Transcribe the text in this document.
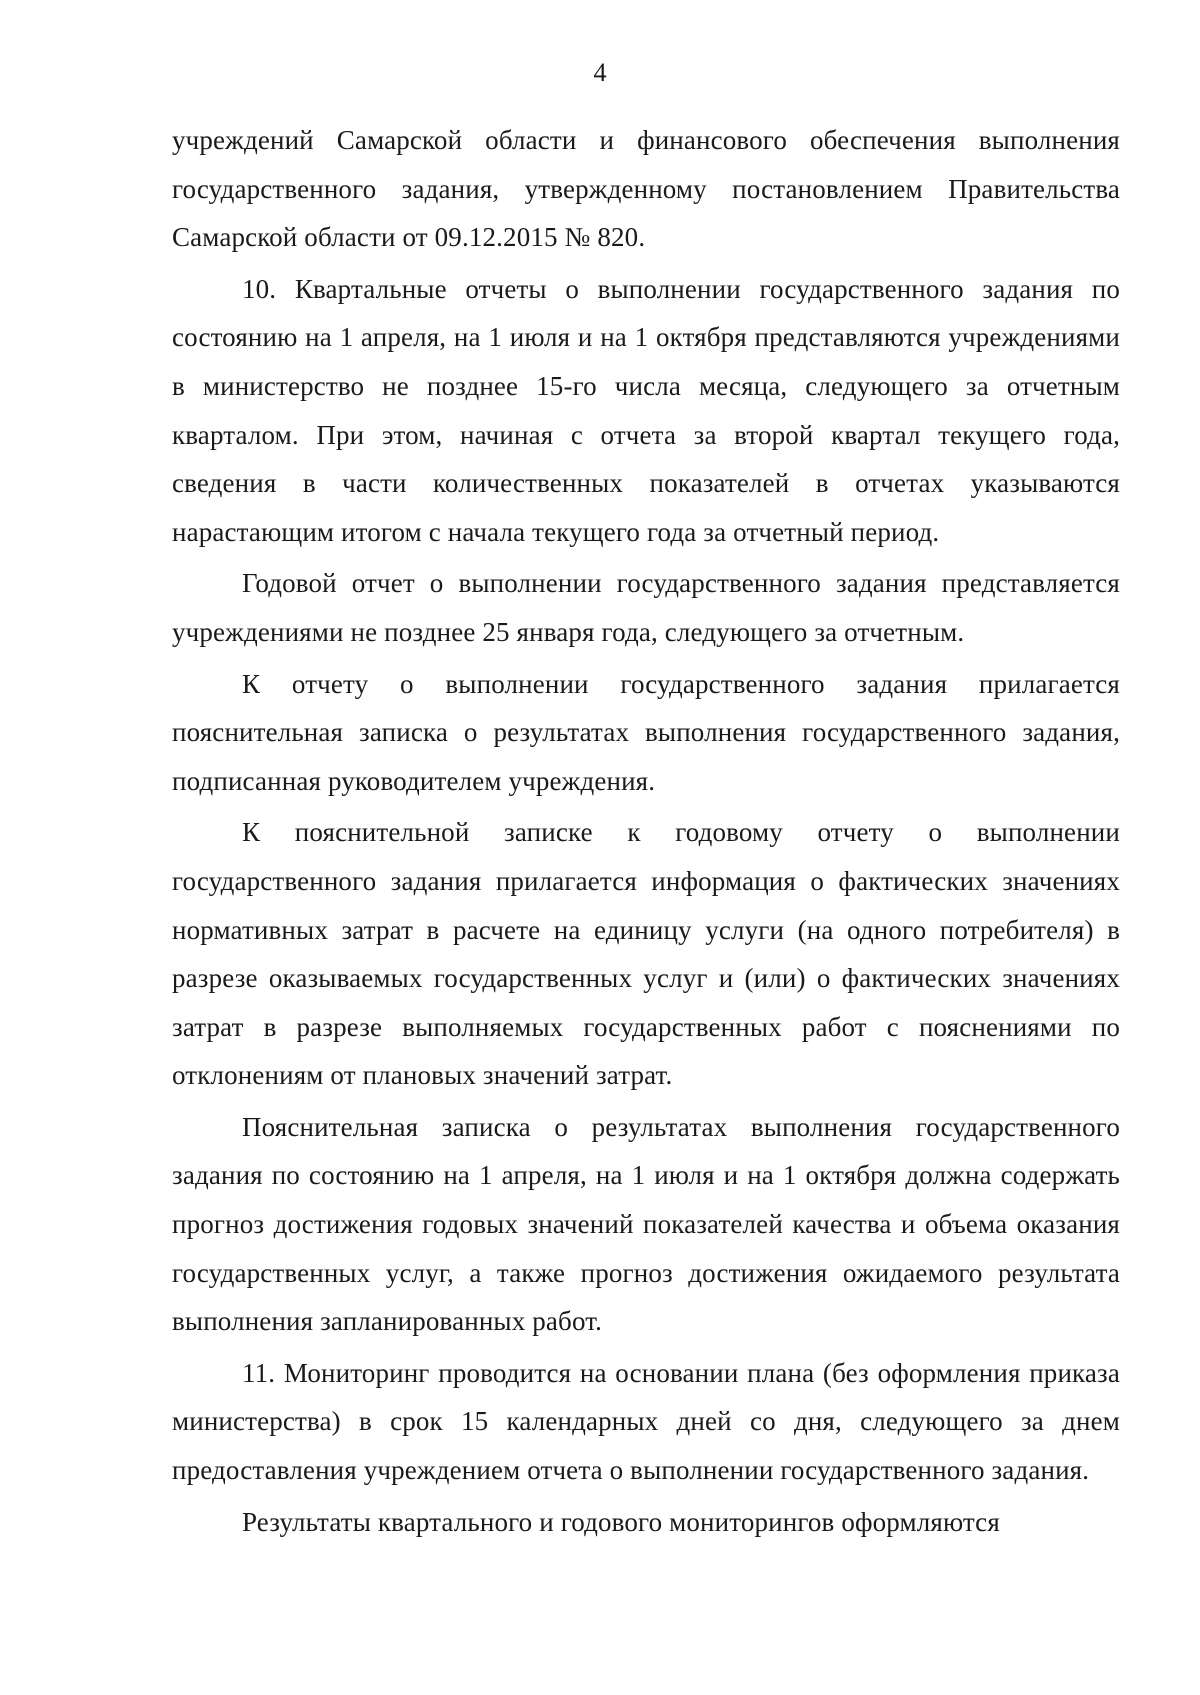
4

учреждений Самарской области и финансового обеспечения выполнения государственного задания, утвержденному постановлением Правительства Самарской области от 09.12.2015 № 820.

10. Квартальные отчеты о выполнении государственного задания по состоянию на 1 апреля, на 1 июля и на 1 октября представляются учреждениями в министерство не позднее 15-го числа месяца, следующего за отчетным кварталом. При этом, начиная с отчета за второй квартал текущего года, сведения в части количественных показателей в отчетах указываются нарастающим итогом с начала текущего года за отчетный период.

Годовой отчет о выполнении государственного задания представляется учреждениями не позднее 25 января года, следующего за отчетным.

К отчету о выполнении государственного задания прилагается пояснительная записка о результатах выполнения государственного задания, подписанная руководителем учреждения.

К пояснительной записке к годовому отчету о выполнении государственного задания прилагается информация о фактических значениях нормативных затрат в расчете на единицу услуги (на одного потребителя) в разрезе оказываемых государственных услуг и (или) о фактических значениях затрат в разрезе выполняемых государственных работ с пояснениями по отклонениям от плановых значений затрат.

Пояснительная записка о результатах выполнения государственного задания по состоянию на 1 апреля, на 1 июля и на 1 октября должна содержать прогноз достижения годовых значений показателей качества и объема оказания государственных услуг, а также прогноз достижения ожидаемого результата выполнения запланированных работ.

11. Мониторинг проводится на основании плана (без оформления приказа министерства) в срок 15 календарных дней со дня, следующего за днем предоставления учреждением отчета о выполнении государственного задания.

Результаты квартального и годового мониторингов оформляются
